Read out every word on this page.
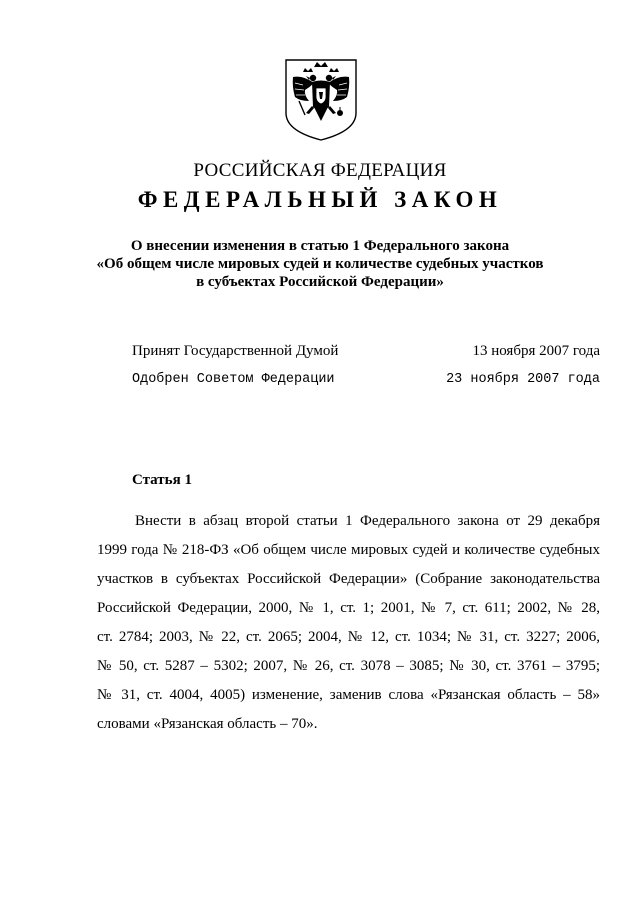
РОССИЙСКАЯ ФЕДЕРАЦИЯ
ФЕДЕРАЛЬНЫЙ ЗАКОН
О внесении изменения в статью 1 Федерального закона
«Об общем числе мировых судей и количестве судебных участков
в субъектах Российской Федерации»
Принят Государственной Думой	13 ноября 2007 года
Одобрен Советом Федерации	23 ноября 2007 года
Статья 1
Внести в абзац второй статьи 1 Федерального закона от 29 декабря
1999 года № 218-ФЗ «Об общем числе мировых судей и количестве судебных
участков в субъектах Российской Федерации» (Собрание законодательства
Российской Федерации, 2000, № 1, ст. 1; 2001, № 7, ст. 611; 2002, № 28,
ст. 2784; 2003, № 22, ст. 2065; 2004, № 12, ст. 1034; № 31, ст. 3227; 2006,
№ 50, ст. 5287 – 5302; 2007, № 26, ст. 3078 – 3085; № 30, ст. 3761 – 3795;
№ 31, ст. 4004, 4005) изменение, заменив слова «Рязанская область – 58»
словами «Рязанская область – 70».
